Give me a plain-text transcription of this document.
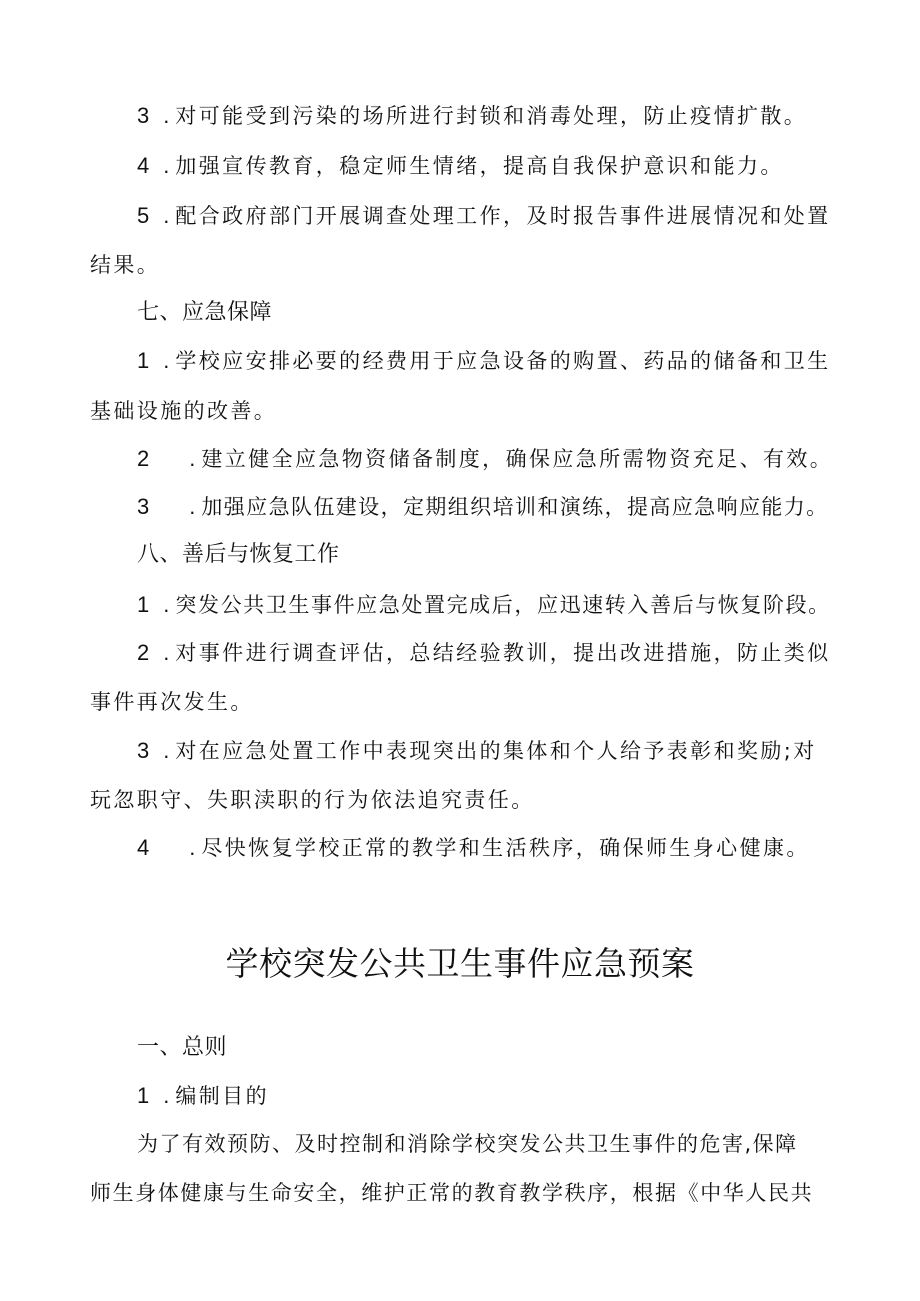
3 . 对可能受到污染的场所进行封锁和消毒处理，防止疫情扩散。
4 . 加强宣传教育，稳定师生情绪，提高自我保护意识和能力。
5 . 配合政府部门开展调查处理工作，及时报告事件进展情况和处置
结果。
七、应急保障
1 . 学校应安排必要的经费用于应急设备的购置、药品的储备和卫生
基础设施的改善。
2 . 建立健全应急物资储备制度，确保应急所需物资充足、有效。
3 . 加强应急队伍建设，定期组织培训和演练，提高应急响应能力。
八、善后与恢复工作
1 . 突发公共卫生事件应急处置完成后，应迅速转入善后与恢复阶段。
2 . 对事件进行调查评估，总结经验教训，提出改进措施，防止类似
事件再次发生。
3 . 对在应急处置工作中表现突出的集体和个人给予表彰和奖励;对
玩忽职守、失职渎职的行为依法追究责任。
4 . 尽快恢复学校正常的教学和生活秩序，确保师生身心健康。
学校突发公共卫生事件应急预案
一、总则
1 . 编制目的
为了有效预防、及时控制和消除学校突发公共卫生事件的危害,保障
师生身体健康与生命安全，维护正常的教育教学秩序，根据《中华人民共
